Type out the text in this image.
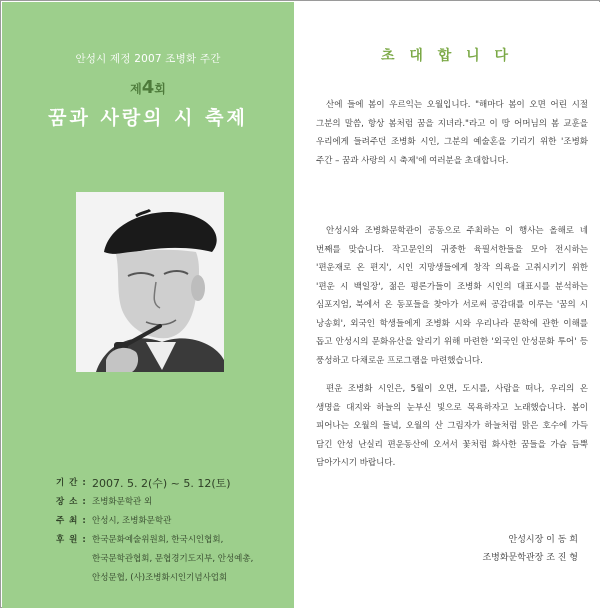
안성시 제정 2007 조병화 주간
제4회
꿈과 사랑의 시 축제
기 간 : 2007. 5. 2(수) ~ 5. 12(토)
장 소 : 조병화문학관 외
주 최 : 안성시, 조병화문학관
후 원 : 한국문화예술위원회, 한국시인협회,
한국문학관협회, 문협경기도지부, 안성예총,
안성문협, (사)조병화시인기념사업회
초 대 합 니 다
산에 들에 봄이 우르익는 오월입니다. "해마다 봄이 오면 어린 시절 그분의 말씀, 항상 봄처럼 꿈을 지녀라."라고 이 땅 어머님의 봄 교훈을 우리에게 들려주던 조병화 시인, 그분의 예술혼을 기리기 위한 '조병화 주간 – 꿈과 사랑의 시 축제'에 여러분을 초대합니다.
안성시와 조병화문학관이 공동으로 주최하는 이 행사는 올해로 네 번째를 맞습니다. 작고문인의 귀중한 육필서한들을 모아 전시하는 '편운재로 온 편지', 시인 지망생들에게 창작 의욕을 고취시키기 위한 '편운 시 백일장', 젊은 평론가들이 조병화 시인의 대표시를 분석하는 심포지엄, 북에서 온 동포들을 찾아가 서로써 공감대를 이루는 '꿈의 시 낭송회', 외국인 학생들에게 조병화 시와 우리나라 문학에 관한 이해를 돕고 안성시의 문화유산을 알리기 위해 마련한 '외국인 안성문화 투어' 등 풍성하고 다채로운 프로그램을 마련했습니다.
편운 조병화 시인은, 5월이 오면, 도시를, 사람을 떠나, 우리의 온 생명을 대지와 하늘의 눈부신 빛으로 목욕하자고 노래했습니다. 봄이 피어나는 오월의 들녘, 오월의 산 그림자가 하늘처럼 맑은 호수에 가득 담긴 안성 난실리 편운동산에 오셔서 꽃처럼 화사한 꿈들을 가슴 듬뿍 담아가시기 바랍니다.
안성시장 이 동 희
조병화문학관장 조 진 형
